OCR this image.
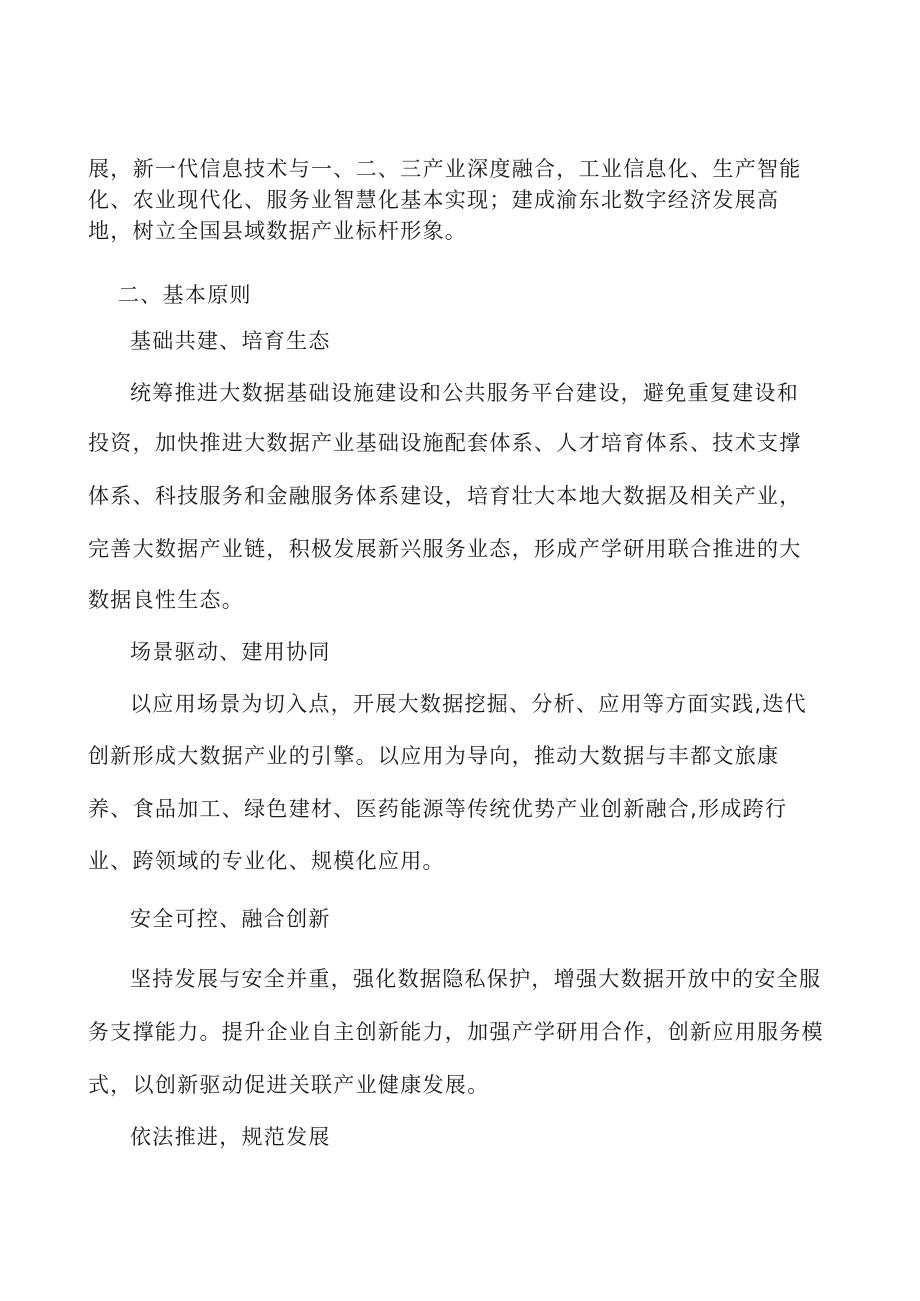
展，新一代信息技术与一、二、三产业深度融合，工业信息化、生产智能

化、农业现代化、服务业智慧化基本实现；建成渝东北数字经济发展高

地，树立全国县域数据产业标杆形象。

二、基本原则

基础共建、培育生态

统筹推进大数据基础设施建设和公共服务平台建设，避免重复建设和

投资，加快推进大数据产业基础设施配套体系、人才培育体系、技术支撑

体系、科技服务和金融服务体系建设，培育壮大本地大数据及相关产业，

完善大数据产业链，积极发展新兴服务业态，形成产学研用联合推进的大

数据良性生态。

场景驱动、建用协同

以应用场景为切入点，开展大数据挖掘、分析、应用等方面实践,迭代

创新形成大数据产业的引擎。以应用为导向，推动大数据与丰都文旅康

养、食品加工、绿色建材、医药能源等传统优势产业创新融合,形成跨行

业、跨领域的专业化、规模化应用。

安全可控、融合创新

坚持发展与安全并重，强化数据隐私保护，增强大数据开放中的安全服

务支撑能力。提升企业自主创新能力，加强产学研用合作，创新应用服务模

式，以创新驱动促进关联产业健康发展。

依法推进，规范发展
